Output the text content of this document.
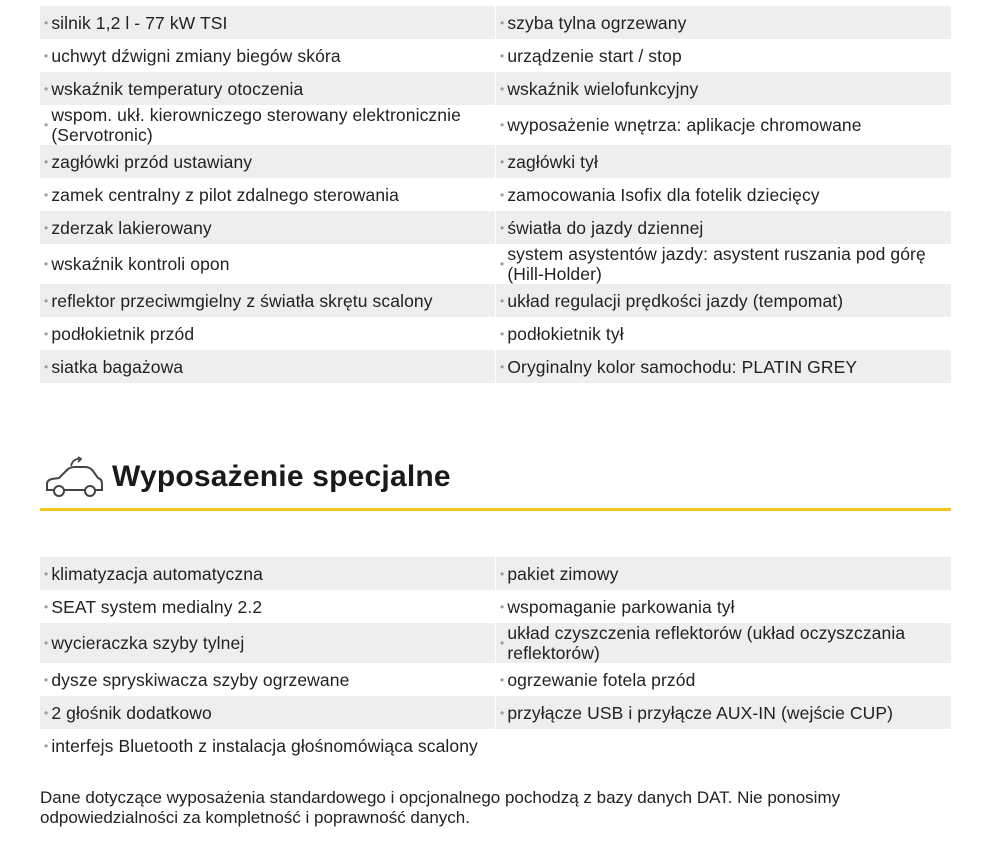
• silnik 1,2 l - 77 kW TSI	• szyba tylna ogrzewany
• uchwyt dźwigni zmiany biegów skóra	• urządzenie start / stop
• wskaźnik temperatury otoczenia	• wskaźnik wielofunkcyjny
• wspom. ukł. kierowniczego sterowany elektronicznie (Servotronic)	• wyposażenie wnętrza: aplikacje chromowane
• zagłówki przód ustawiany	• zagłówki tył
• zamek centralny z pilot zdalnego sterowania	• zamocowania Isofix dla fotelik dziecięcy
• zderzak lakierowany	• światła do jazdy dziennej
• wskaźnik kontroli opon	• system asystentów jazdy: asystent ruszania pod górę (Hill-Holder)
• reflektor przeciwmgielny z światła skrętu scalony	• układ regulacji prędkości jazdy (tempomat)
• podłokietnik przód	• podłokietnik tył
• siatka bagażowa	• Oryginalny kolor samochodu: PLATIN GREY
Wyposażenie specjalne
• klimatyzacja automatyczna	• pakiet zimowy
• SEAT system medialny 2.2	• wspomaganie parkowania tył
• wycieraczka szyby tylnej	• układ czyszczenia reflektorów (układ oczyszczania reflektorów)
• dysze spryskiwacza szyby ogrzewane	• ogrzewanie fotela przód
• 2 głośnik dodatkowo	• przyłącze USB i przyłącze AUX-IN (wejście CUP)
• interfejs Bluetooth z instalacja głośnomówiąca scalony
Dane dotyczące wyposażenia standardowego i opcjonalnego pochodzą z bazy danych DAT. Nie ponosimy odpowiedzialności za kompletność i poprawność danych.
